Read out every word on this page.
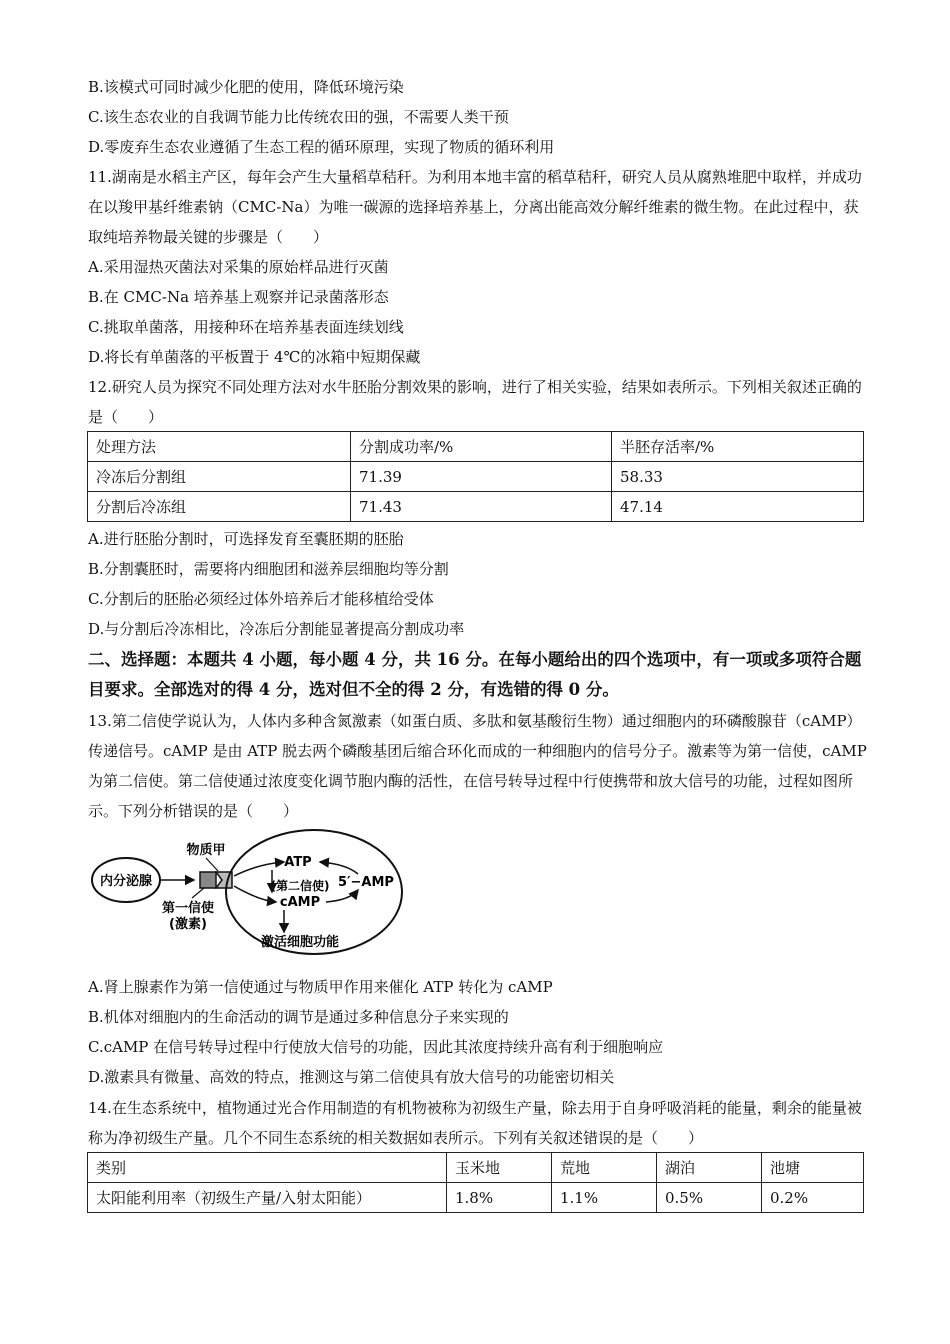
B.该模式可同时减少化肥的使用，降低环境污染
C.该生态农业的自我调节能力比传统农田的强，不需要人类干预
D.零废弃生态农业遵循了生态工程的循环原理，实现了物质的循环利用
11.湖南是水稻主产区，每年会产生大量稻草秸秆。为利用本地丰富的稻草秸秆，研究人员从腐熟堆肥中取样，并成功在以羧甲基纤维素钠（CMC-Na）为唯一碳源的选择培养基上，分离出能高效分解纤维素的微生物。在此过程中，获取纯培养物最关键的步骤是（　　）
A.采用湿热灭菌法对采集的原始样品进行灭菌
B.在 CMC-Na 培养基上观察并记录菌落形态
C.挑取单菌落，用接种环在培养基表面连续划线
D.将长有单菌落的平板置于 4℃的冰箱中短期保藏
12.研究人员为探究不同处理方法对水牛胚胎分割效果的影响，进行了相关实验，结果如表所示。下列相关叙述正确的是（　　）
处理方法	分割成功率/%	半胚存活率/%
冷冻后分割组	71.39	58.33
分割后冷冻组	71.43	47.14
A.进行胚胎分割时，可选择发育至囊胚期的胚胎
B.分割囊胚时，需要将内细胞团和滋养层细胞均等分割
C.分割后的胚胎必须经过体外培养后才能移植给受体
D.与分割后冷冻相比，冷冻后分割能显著提高分割成功率
二、选择题：本题共 4 小题，每小题 4 分，共 16 分。在每小题给出的四个选项中，有一项或多项符合题目要求。全部选对的得 4 分，选对但不全的得 2 分，有选错的得 0 分。
13.第二信使学说认为，人体内多种含氮激素（如蛋白质、多肽和氨基酸衍生物）通过细胞内的环磷酸腺苷（cAMP）传递信号。cAMP 是由 ATP 脱去两个磷酸基团后缩合环化而成的一种细胞内的信号分子。激素等为第一信使，cAMP 为第二信使。第二信使通过浓度变化调节胞内酶的活性，在信号转导过程中行使携带和放大信号的功能，过程如图所示。下列分析错误的是（　　）
内分泌腺
物质甲
第一信使
(激素)
ATP
(第二信使)
cAMP
5′−AMP
激活细胞功能
A.肾上腺素作为第一信使通过与物质甲作用来催化 ATP 转化为 cAMP
B.机体对细胞内的生命活动的调节是通过多种信息分子来实现的
C.cAMP 在信号转导过程中行使放大信号的功能，因此其浓度持续升高有利于细胞响应
D.激素具有微量、高效的特点，推测这与第二信使具有放大信号的功能密切相关
14.在生态系统中，植物通过光合作用制造的有机物被称为初级生产量，除去用于自身呼吸消耗的能量，剩余的能量被称为净初级生产量。几个不同生态系统的相关数据如表所示。下列有关叙述错误的是（　　）
类别	玉米地	荒地	湖泊	池塘
太阳能利用率（初级生产量/入射太阳能）	1.8%	1.1%	0.5%	0.2%
